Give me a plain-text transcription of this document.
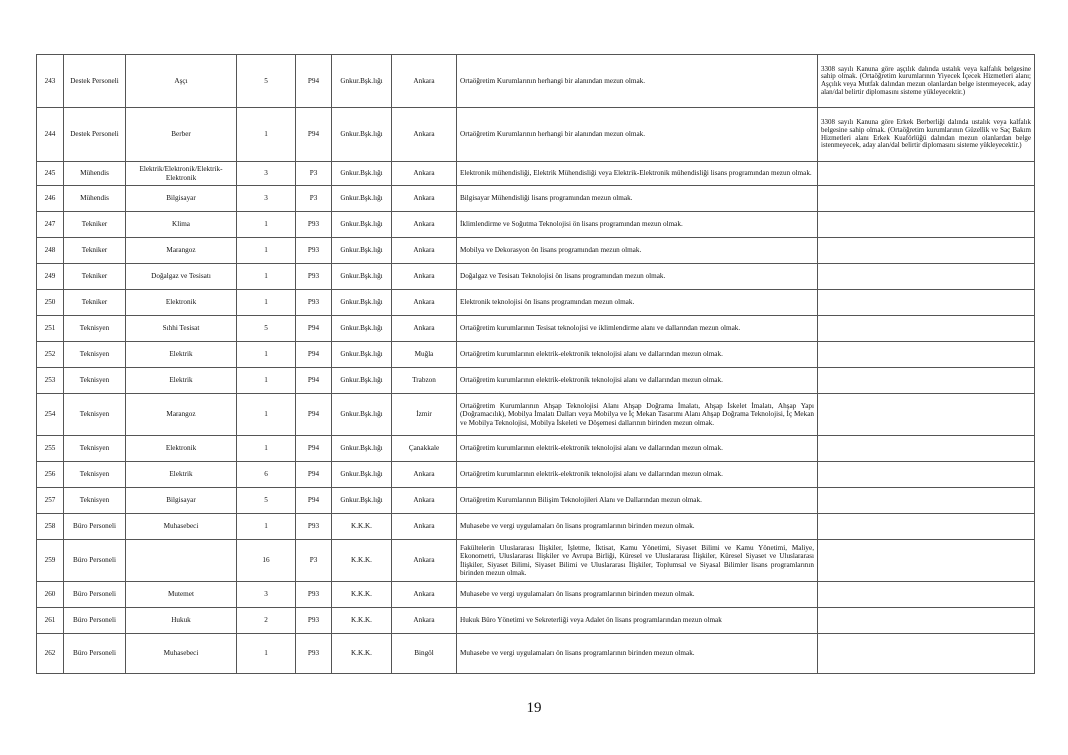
243	Destek Personeli	Aşçı	5	P94	Gnkur.Bşk.lığı	Ankara	Ortaöğretim Kurumlarının herhangi bir alanından mezun olmak.	3308 sayılı Kanuna göre aşçılık dalında ustalık veya kalfalık belgesine sahip olmak. (Ortaöğretim kurumlarının Yiyecek İçecek Hizmetleri alanı; Aşçılık veya Mutfak dalından mezun olanlardan belge istenmeyecek, aday alan/dal belirtir diplomasını sisteme yükleyecektir.)
244	Destek Personeli	Berber	1	P94	Gnkur.Bşk.lığı	Ankara	Ortaöğretim Kurumlarının herhangi bir alanından mezun olmak.	3308 sayılı Kanuna göre Erkek Berberliği dalında ustalık veya kalfalık belgesine sahip olmak. (Ortaöğretim kurumlarının Güzellik ve Saç Bakım Hizmetleri alanı Erkek Kuaförlüğü dalından mezun olanlardan belge istenmeyecek, aday alan/dal belirtir diplomasını sisteme yükleyecektir.)
245	Mühendis	Elektrik/Elektronik/Elektrik-Elektronik	3	P3	Gnkur.Bşk.lığı	Ankara	Elektronik mühendisliği, Elektrik Mühendisliği veya Elektrik-Elektronik mühendisliği lisans programından mezun olmak.	
246	Mühendis	Bilgisayar	3	P3	Gnkur.Bşk.lığı	Ankara	Bilgisayar Mühendisliği lisans programından mezun olmak.	
247	Tekniker	Klima	1	P93	Gnkur.Bşk.lığı	Ankara	İklimlendirme ve Soğutma Teknolojisi ön lisans programından mezun olmak.	
248	Tekniker	Marangoz	1	P93	Gnkur.Bşk.lığı	Ankara	Mobilya ve Dekorasyon ön lisans programından mezun olmak.	
249	Tekniker	Doğalgaz ve Tesisatı	1	P93	Gnkur.Bşk.lığı	Ankara	Doğalgaz ve Tesisatı Teknolojisi ön lisans programından mezun olmak.	
250	Tekniker	Elektronik	1	P93	Gnkur.Bşk.lığı	Ankara	Elektronik teknolojisi ön lisans programından mezun olmak.	
251	Teknisyen	Sıhhi Tesisat	5	P94	Gnkur.Bşk.lığı	Ankara	Ortaöğretim kurumlarının Tesisat teknolojisi ve iklimlendirme alanı ve dallarından mezun olmak.	
252	Teknisyen	Elektrik	1	P94	Gnkur.Bşk.lığı	Muğla	Ortaöğretim kurumlarının elektrik-elektronik teknolojisi alanı ve dallarından mezun olmak.	
253	Teknisyen	Elektrik	1	P94	Gnkur.Bşk.lığı	Trabzon	Ortaöğretim kurumlarının elektrik-elektronik teknolojisi alanı ve dallarından mezun olmak.	
254	Teknisyen	Marangoz	1	P94	Gnkur.Bşk.lığı	İzmir	Ortaöğretim Kurumlarının Ahşap Teknolojisi Alanı Ahşap Doğrama İmalatı, Ahşap İskelet İmalatı, Ahşap Yapı (Doğramacılık), Mobilya İmalatı Dalları veya Mobilya ve İç Mekan Tasarımı Alanı Ahşap Doğrama Teknolojisi, İç Mekan ve Mobilya Teknolojisi, Mobilya İskeleti ve Döşemesi dallarının birinden mezun olmak.	
255	Teknisyen	Elektronik	1	P94	Gnkur.Bşk.lığı	Çanakkale	Ortaöğretim kurumlarının elektrik-elektronik teknolojisi alanı ve dallarından mezun olmak.	
256	Teknisyen	Elektrik	6	P94	Gnkur.Bşk.lığı	Ankara	Ortaöğretim kurumlarının elektrik-elektronik teknolojisi alanı ve dallarından mezun olmak.	
257	Teknisyen	Bilgisayar	5	P94	Gnkur.Bşk.lığı	Ankara	Ortaöğretim Kurumlarının Bilişim Teknolojileri Alanı ve Dallarından mezun olmak.	
258	Büro Personeli	Muhasebeci	1	P93	K.K.K.	Ankara	Muhasebe ve vergi uygulamaları ön lisans programlarının birinden mezun olmak.	
259	Büro Personeli		16	P3	K.K.K.	Ankara	Fakültelerin Uluslararası İlişkiler, İşletme, İktisat, Kamu Yönetimi, Siyaset Bilimi ve Kamu Yönetimi, Maliye, Ekonometri, Uluslararası İlişkiler ve Avrupa Birliği, Küresel ve Uluslararası İlişkiler, Küresel Siyaset ve Uluslararası İlişkiler, Siyaset Bilimi, Siyaset Bilimi ve Uluslararası İlişkiler, Toplumsal ve Siyasal Bilimler lisans programlarının birinden mezun olmak.	
260	Büro Personeli	Mutemet	3	P93	K.K.K.	Ankara	Muhasebe ve vergi uygulamaları ön lisans programlarının birinden mezun olmak.	
261	Büro Personeli	Hukuk	2	P93	K.K.K.	Ankara	Hukuk Büro Yönetimi ve Sekreterliği veya Adalet ön lisans programlarından mezun olmak	
262	Büro Personeli	Muhasebeci	1	P93	K.K.K.	Bingöl	Muhasebe ve vergi uygulamaları ön lisans programlarının birinden mezun olmak.	
19
